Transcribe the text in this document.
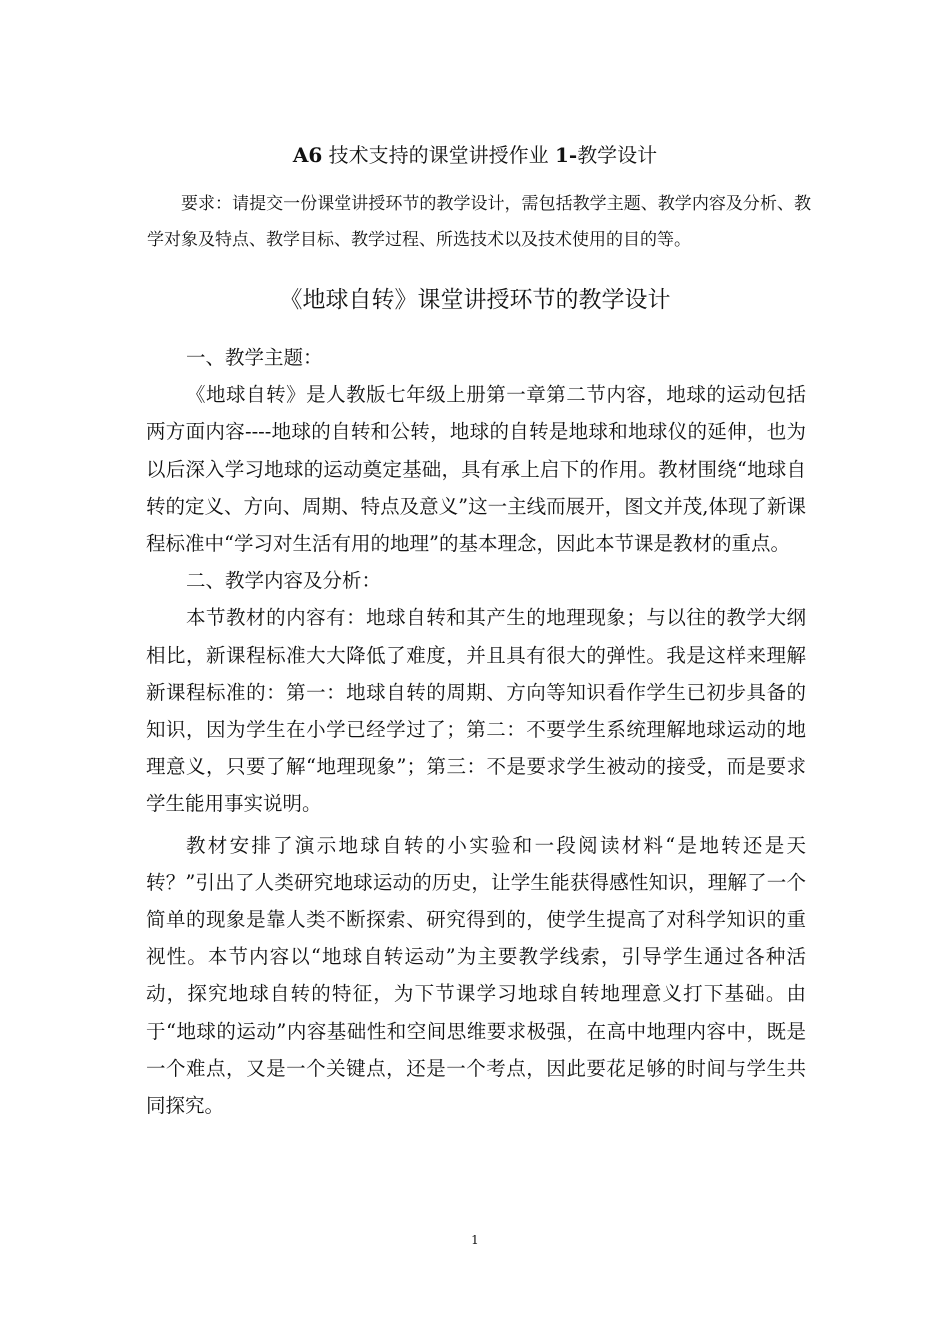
A6 技术支持的课堂讲授作业 1-教学设计
要求：请提交一份课堂讲授环节的教学设计，需包括教学主题、教学内容及分析、教学对象及特点、教学目标、教学过程、所选技术以及技术使用的目的等。
《地球自转》课堂讲授环节的教学设计

一、教学主题：

《地球自转》是人教版七年级上册第一章第二节内容，地球的运动包括两方面内容----地球的自转和公转，地球的自转是地球和地球仪的延伸，也为以后深入学习地球的运动奠定基础，具有承上启下的作用。教材围绕“地球自转的定义、方向、周期、特点及意义”这一主线而展开，图文并茂,体现了新课程标准中“学习对生活有用的地理”的基本理念，因此本节课是教材的重点。

二、教学内容及分析：

本节教材的内容有：地球自转和其产生的地理现象；与以往的教学大纲相比，新课程标准大大降低了难度，并且具有很大的弹性。我是这样来理解新课程标准的：第一：地球自转的周期、方向等知识看作学生已初步具备的知识，因为学生在小学已经学过了；第二：不要学生系统理解地球运动的地理意义，只要了解“地理现象”；第三：不是要求学生被动的接受，而是要求学生能用事实说明。

教材安排了演示地球自转的小实验和一段阅读材料“是地转还是天转？”引出了人类研究地球运动的历史，让学生能获得感性知识，理解了一个简单的现象是靠人类不断探索、研究得到的，使学生提高了对科学知识的重视性。本节内容以“地球自转运动”为主要教学线索，引导学生通过各种活动，探究地球自转的特征，为下节课学习地球自转地理意义打下基础。由于“地球的运动”内容基础性和空间思维要求极强，在高中地理内容中，既是一个难点，又是一个关键点，还是一个考点，因此要花足够的时间与学生共同探究。

1
